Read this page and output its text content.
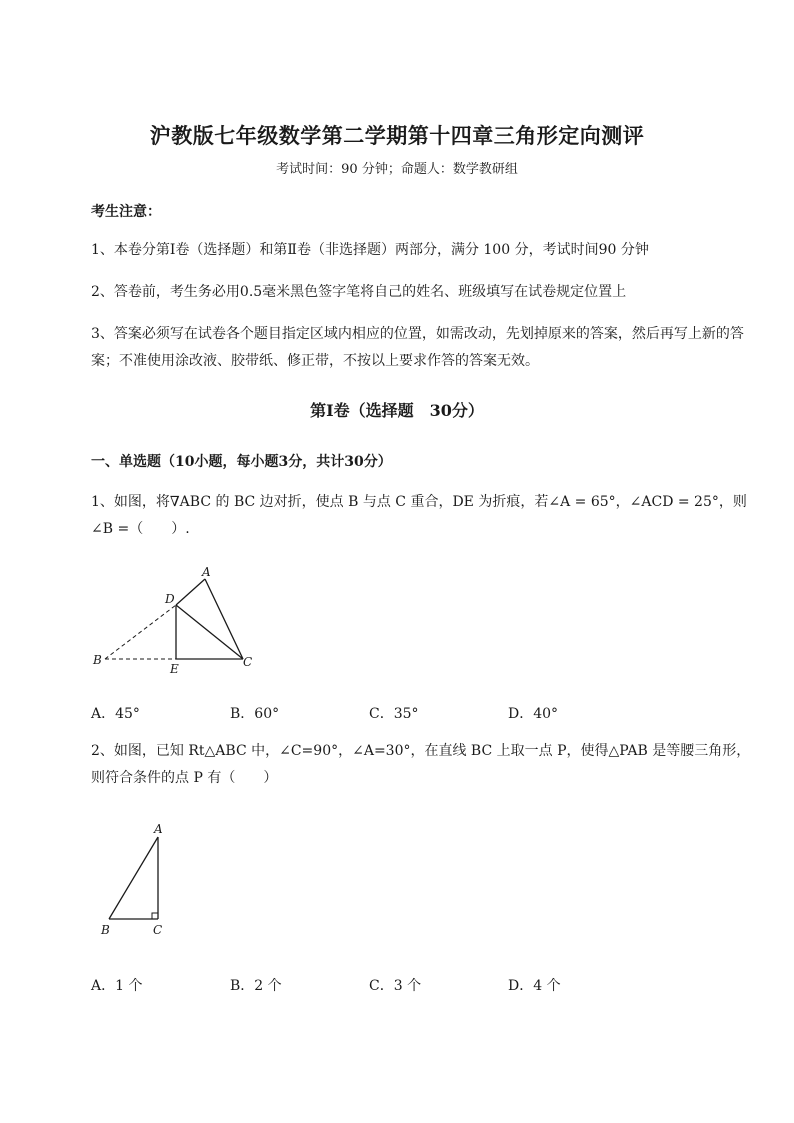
沪教版七年级数学第二学期第十四章三角形定向测评
考试时间：90 分钟；命题人：数学教研组
考生注意：
1、本卷分第Ⅰ卷（选择题）和第Ⅱ卷（非选择题）两部分，满分 100 分，考试时间90 分钟
2、答卷前，考生务必用0.5毫米黑色签字笔将自己的姓名、班级填写在试卷规定位置上
3、答案必须写在试卷各个题目指定区域内相应的位置，如需改动，先划掉原来的答案，然后再写上新的答案；不准使用涂改液、胶带纸、修正带，不按以上要求作答的答案无效。
第Ⅰ卷（选择题　30分）
一、单选题（10小题，每小题3分，共计30分）
1、如图，将∇ABC 的 BC 边对折，使点 B 与点 C 重合，DE 为折痕，若∠A = 65°，∠ACD = 25°，则∠B =（　　）.
A
D
B
E	C
A．45°	B．60°	C．35°	D．40°
2、如图，已知 Rt△ABC 中，∠C=90°，∠A=30°，在直线 BC 上取一点 P，使得△PAB 是等腰三角形，则符合条件的点 P 有（　　）
A
B	C
A．1 个	B．2 个	C．3 个	D．4 个
